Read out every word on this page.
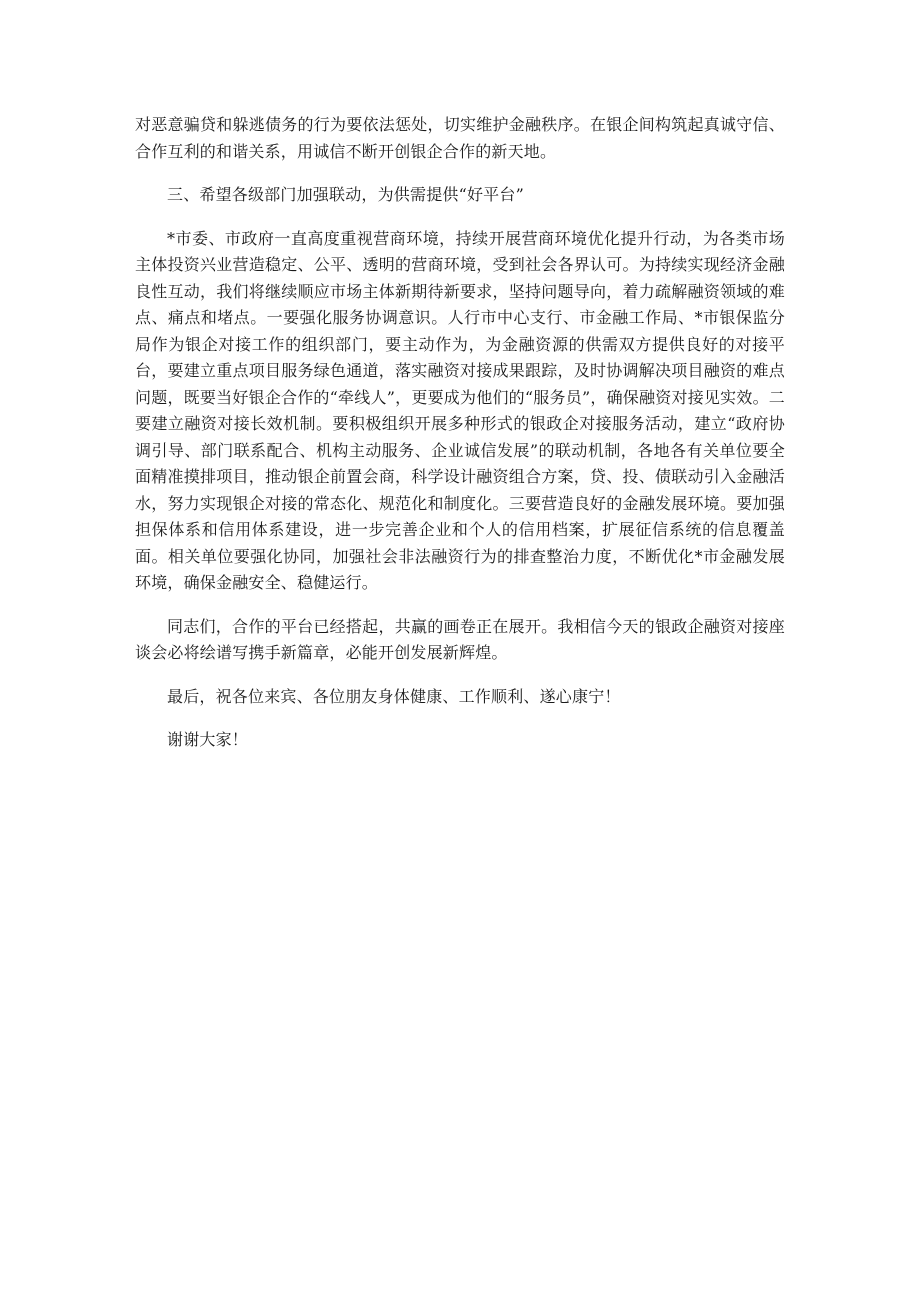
对恶意骗贷和躲逃债务的行为要依法惩处，切实维护金融秩序。在银企间构筑起真诚守信、合作互利的和谐关系，用诚信不断开创银企合作的新天地。

三、希望各级部门加强联动，为供需提供“好平台”

*市委、市政府一直高度重视营商环境，持续开展营商环境优化提升行动，为各类市场主体投资兴业营造稳定、公平、透明的营商环境，受到社会各界认可。为持续实现经济金融良性互动，我们将继续顺应市场主体新期待新要求，坚持问题导向，着力疏解融资领域的难点、痛点和堵点。一要强化服务协调意识。人行市中心支行、市金融工作局、*市银保监分局作为银企对接工作的组织部门，要主动作为，为金融资源的供需双方提供良好的对接平台，要建立重点项目服务绿色通道，落实融资对接成果跟踪，及时协调解决项目融资的难点问题，既要当好银企合作的“牵线人”，更要成为他们的“服务员”，确保融资对接见实效。二要建立融资对接长效机制。要积极组织开展多种形式的银政企对接服务活动，建立“政府协调引导、部门联系配合、机构主动服务、企业诚信发展”的联动机制，各地各有关单位要全面精准摸排项目，推动银企前置会商，科学设计融资组合方案，贷、投、债联动引入金融活水，努力实现银企对接的常态化、规范化和制度化。三要营造良好的金融发展环境。要加强担保体系和信用体系建设，进一步完善企业和个人的信用档案，扩展征信系统的信息覆盖面。相关单位要强化协同，加强社会非法融资行为的排查整治力度，不断优化*市金融发展环境，确保金融安全、稳健运行。

同志们，合作的平台已经搭起，共赢的画卷正在展开。我相信今天的银政企融资对接座谈会必将绘谱写携手新篇章，必能开创发展新辉煌。

最后，祝各位来宾、各位朋友身体健康、工作顺利、遂心康宁！

谢谢大家！
